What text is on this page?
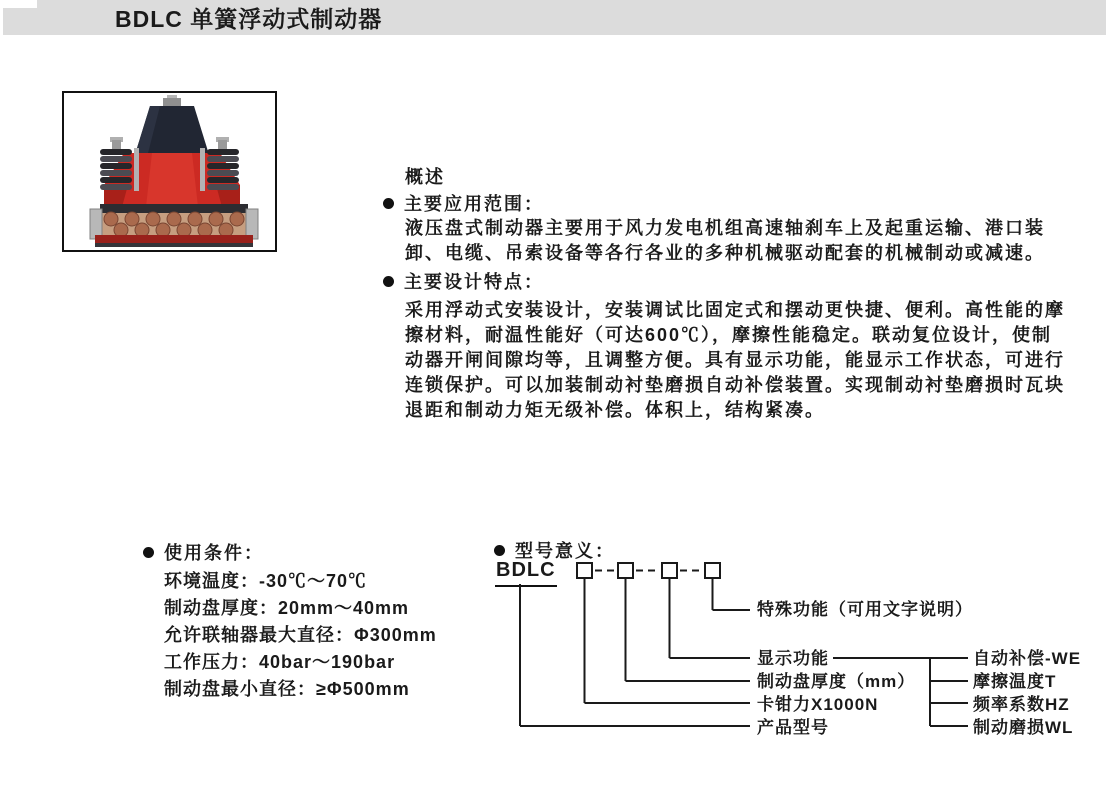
BDLC 单簧浮动式制动器
概述
主要应用范围：
液压盘式制动器主要用于风力发电机组高速轴刹车上及起重运输、港口装
卸、电缆、吊索设备等各行各业的多种机械驱动配套的机械制动或减速。
主要设计特点：
采用浮动式安装设计，安装调试比固定式和摆动更快捷、便利。高性能的摩
擦材料，耐温性能好（可达600℃），摩擦性能稳定。联动复位设计，使制
动器开闸间隙均等，且调整方便。具有显示功能，能显示工作状态，可进行
连锁保护。可以加装制动衬垫磨损自动补偿装置。实现制动衬垫磨损时瓦块
退距和制动力矩无级补偿。体积上，结构紧凑。
使用条件：
环境温度：-30℃～70℃
制动盘厚度：20mm～40mm
允许联轴器最大直径：Φ300mm
工作压力：40bar～190bar
制动盘最小直径：≥Φ500mm
型号意义：
BDLC
特殊功能（可用文字说明）
显示功能
制动盘厚度（mm）
卡钳力X1000N
产品型号
自动补偿-WE
摩擦温度T
频率系数HZ
制动磨损WL
